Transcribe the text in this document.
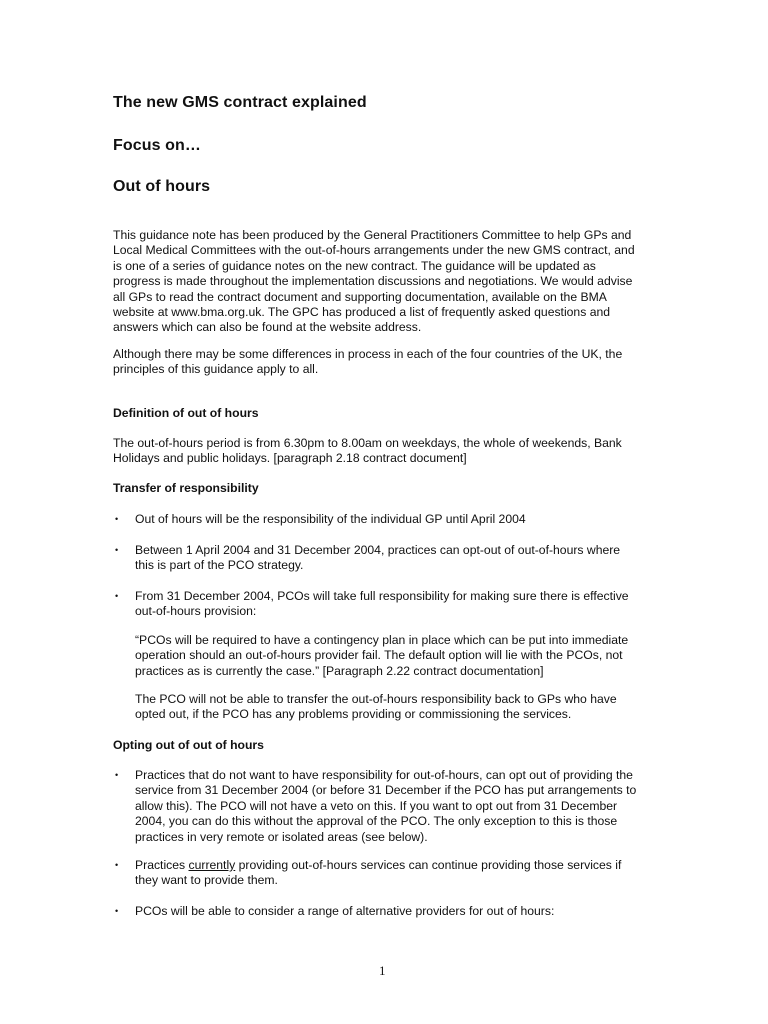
The new GMS contract explained
Focus on…
Out of hours
This guidance note has been produced by the General Practitioners Committee to help GPs and
Local Medical Committees with the out-of-hours arrangements under the new GMS contract, and
is one of a series of guidance notes on the new contract. The guidance will be updated as
progress is made throughout the implementation discussions and negotiations. We would advise
all GPs to read the contract document and supporting documentation, available on the BMA
website at www.bma.org.uk. The GPC has produced a list of frequently asked questions and
answers which can also be found at the website address.
Although there may be some differences in process in each of the four countries of the UK, the
principles of this guidance apply to all.
Definition of out of hours
The out-of-hours period is from 6.30pm to 8.00am on weekdays, the whole of weekends, Bank
Holidays and public holidays. [paragraph 2.18 contract document]
Transfer of responsibility
• Out of hours will be the responsibility of the individual GP until April 2004
• Between 1 April 2004 and 31 December 2004, practices can opt-out of out-of-hours where
this is part of the PCO strategy.
• From 31 December 2004, PCOs will take full responsibility for making sure there is effective
out-of-hours provision:
“PCOs will be required to have a contingency plan in place which can be put into immediate
operation should an out-of-hours provider fail. The default option will lie with the PCOs, not
practices as is currently the case.” [Paragraph 2.22 contract documentation]
The PCO will not be able to transfer the out-of-hours responsibility back to GPs who have
opted out, if the PCO has any problems providing or commissioning the services.
Opting out of out of hours
• Practices that do not want to have responsibility for out-of-hours, can opt out of providing the
service from 31 December 2004 (or before 31 December if the PCO has put arrangements to
allow this). The PCO will not have a veto on this. If you want to opt out from 31 December
2004, you can do this without the approval of the PCO. The only exception to this is those
practices in very remote or isolated areas (see below).
• Practices currently providing out-of-hours services can continue providing those services if
they want to provide them.
• PCOs will be able to consider a range of alternative providers for out of hours:
1
